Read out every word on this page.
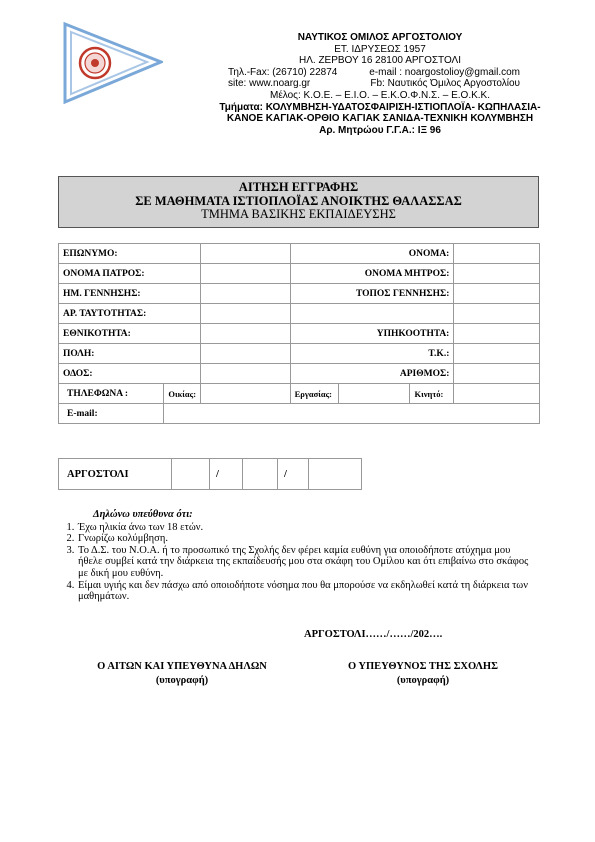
ΝΑΥΤΙΚΟΣ ΟΜΙΛΟΣ ΑΡΓΟΣΤΟΛΙΟΥ
ΕΤ. ΙΔΡΥΣΕΩΣ 1957
ΗΛ. ΖΕΡΒΟΥ 16 28100 ΑΡΓΟΣΤΟΛΙ
Τηλ.-Fax: (26710) 22874	e-mail : noargostolioy@gmail.com
site: www.noarg.gr	Fb: Ναυτικός Όμιλος Αργοστολίου
Μέλος: Κ.Ο.Ε. – Ε.Ι.Ο. – Ε.Κ.Ο.Φ.Ν.Σ. – Ε.Ο.Κ.Κ.
Τμήματα: ΚΟΛΥΜΒΗΣΗ-ΥΔΑΤΟΣΦΑΙΡΙΣΗ-ΙΣΤΙΟΠΛΟΪΑ- ΚΩΠΗΛΑΣΙΑ-
ΚΑΝΟΕ ΚΑΓΙΑΚ-ΟΡΘΙΟ ΚΑΓΙΑΚ ΣΑΝΙΔΑ-ΤΕΧΝΙΚΗ ΚΟΛΥΜΒΗΣΗ
Αρ. Μητρώου Γ.Γ.Α.: ΙΞ 96
ΑΙΤΗΣΗ ΕΓΓΡΑΦΗΣ
ΣΕ ΜΑΘΗΜΑΤΑ ΙΣΤΙΟΠΛΟΪΑΣ ΑΝΟΙΚΤΗΣ ΘΑΛΑΣΣΑΣ
ΤΜΗΜΑ ΒΑΣΙΚΗΣ ΕΚΠΑΙΔΕΥΣΗΣ
ΕΠΩΝΥΜΟ:			ΟΝΟΜΑ:			
ΟΝΟΜΑ ΠΑΤΡΟΣ:			ΟΝΟΜΑ ΜΗΤΡΟΣ:			
ΗΜ. ΓΕΝΝΗΣΗΣ:			ΤΟΠΟΣ ΓΕΝΝΗΣΗΣ:			
ΑΡ. ΤΑΥΤΟΤΗΤΑΣ:						
ΕΘΝΙΚΟΤΗΤΑ:			ΥΠΗΚΟΟΤΗΤΑ:			
ΠΟΛΗ:			Τ.Κ.:			
ΟΔΟΣ:			ΑΡΙΘΜΟΣ:			
ΤΗΛΕΦΩΝΑ :	Οικίας:		Εργασίας:		Κινητό:	
E-mail:						
ΑΡΓΟΣΤΟΛΙ		/		/	
Δηλώνω υπεύθυνα ότι:
1. Έχω ηλικία άνω των 18 ετών.
2. Γνωρίζω κολύμβηση.
3. Το Δ.Σ. του Ν.Ο.Α. ή το προσωπικό της Σχολής δεν φέρει καμία ευθύνη για οποιοδήποτε ατύχημα μου ήθελε συμβεί κατά την διάρκεια της εκπαίδευσής μου στα σκάφη του Ομίλου και ότι επιβαίνω στο σκάφος με δική μου ευθύνη.
4. Είμαι υγιής και δεν πάσχω από οποιοδήποτε νόσημα που θα μπορούσε να εκδηλωθεί κατά τη διάρκεια των μαθημάτων.
ΑΡΓΟΣΤΟΛΙ……/……/202….
Ο ΑΙΤΩΝ ΚΑΙ ΥΠΕΥΘΥΝΑ ΔΗΛΩΝ
(υπογραφή)
Ο ΥΠΕΥΘΥΝΟΣ ΤΗΣ ΣΧΟΛΗΣ
(υπογραφή)
